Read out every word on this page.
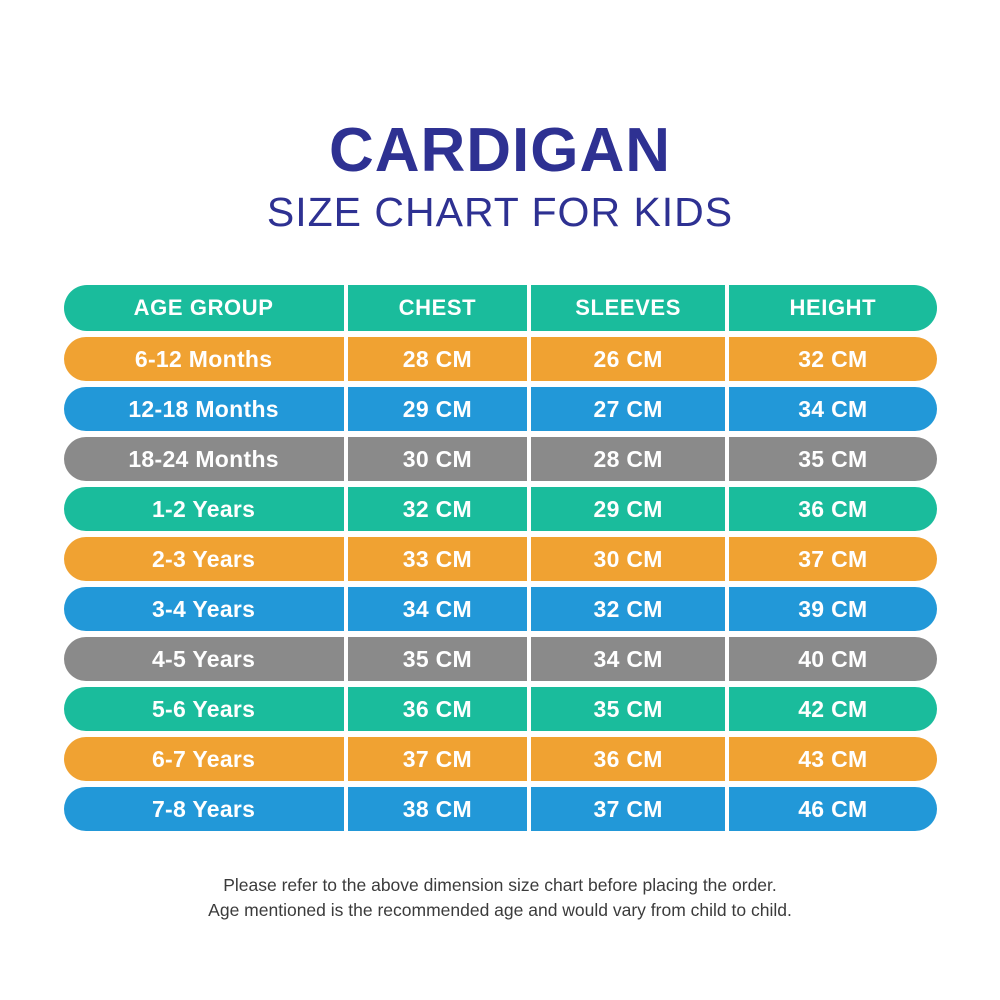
CARDIGAN
SIZE CHART FOR KIDS
AGE GROUP	CHEST	SLEEVES	HEIGHT
6-12 Months	28 CM	26 CM	32 CM
12-18 Months	29 CM	27 CM	34 CM
18-24 Months	30 CM	28 CM	35 CM
1-2 Years	32 CM	29 CM	36 CM
2-3 Years	33 CM	30 CM	37 CM
3-4 Years	34 CM	32 CM	39 CM
4-5 Years	35 CM	34 CM	40 CM
5-6 Years	36 CM	35 CM	42 CM
6-7 Years	37 CM	36 CM	43 CM
7-8 Years	38 CM	37 CM	46 CM

Please refer to the above dimension size chart before placing the order.

Age mentioned is the recommended age and would vary from child to child.
